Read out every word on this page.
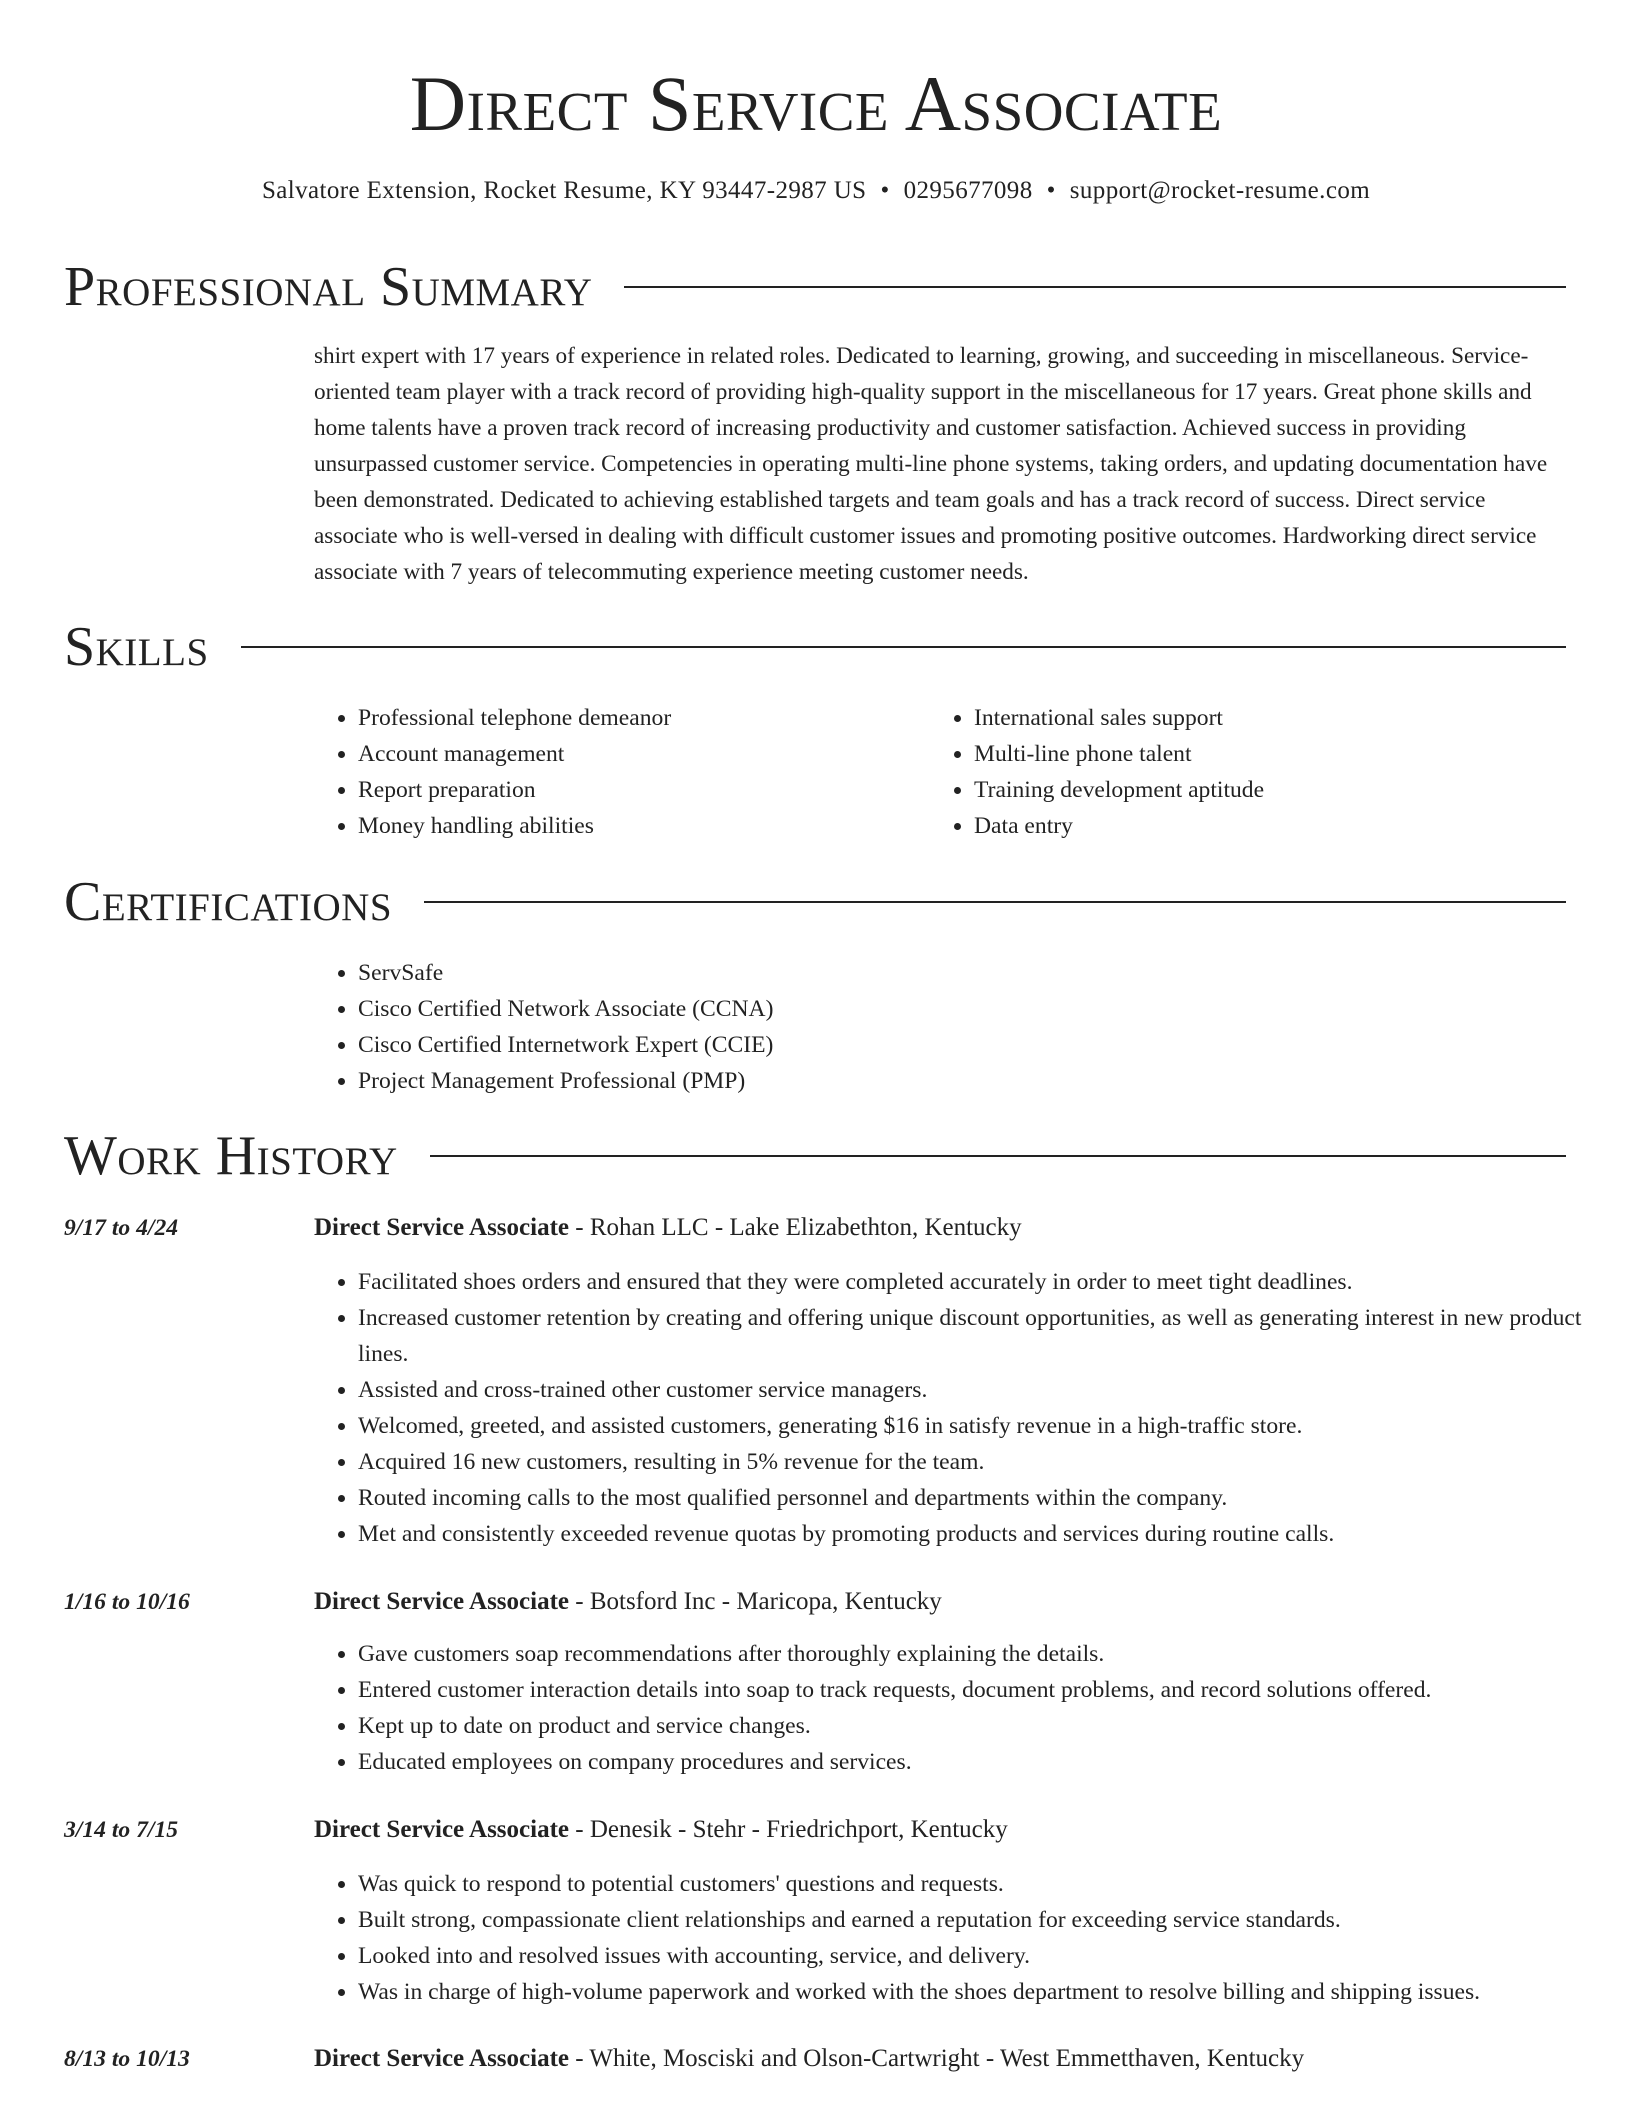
Direct Service Associate
Salvatore Extension, Rocket Resume, KY 93447-2987 US • 0295677098 • support@rocket-resume.com
Professional Summary

shirt expert with 17 years of experience in related roles. Dedicated to learning, growing, and succeeding in miscellaneous. Service-oriented team player with a track record of providing high-quality support in the miscellaneous for 17 years. Great phone skills and home talents have a proven track record of increasing productivity and customer satisfaction. Achieved success in providing unsurpassed customer service. Competencies in operating multi-line phone systems, taking orders, and updating documentation have been demonstrated. Dedicated to achieving established targets and team goals and has a track record of success. Direct service associate who is well-versed in dealing with difficult customer issues and promoting positive outcomes. Hardworking direct service associate with 7 years of telecommuting experience meeting customer needs.

Skills
• Professional telephone demeanor
• Account management
• Report preparation
• Money handling abilities
• International sales support
• Multi-line phone talent
• Training development aptitude
• Data entry
Certifications
• ServSafe
• Cisco Certified Network Associate (CCNA)
• Cisco Certified Internetwork Expert (CCIE)
• Project Management Professional (PMP)
Work History
9/17 to 4/24	Direct Service Associate - Rohan LLC - Lake Elizabethton, Kentucky
• Facilitated shoes orders and ensured that they were completed accurately in order to meet tight deadlines.
• Increased customer retention by creating and offering unique discount opportunities, as well as generating interest in new product lines.
• Assisted and cross-trained other customer service managers.
• Welcomed, greeted, and assisted customers, generating $16 in satisfy revenue in a high-traffic store.
• Acquired 16 new customers, resulting in 5% revenue for the team.
• Routed incoming calls to the most qualified personnel and departments within the company.
• Met and consistently exceeded revenue quotas by promoting products and services during routine calls.
1/16 to 10/16	Direct Service Associate - Botsford Inc - Maricopa, Kentucky
• Gave customers soap recommendations after thoroughly explaining the details.
• Entered customer interaction details into soap to track requests, document problems, and record solutions offered.
• Kept up to date on product and service changes.
• Educated employees on company procedures and services.
3/14 to 7/15	Direct Service Associate - Denesik - Stehr - Friedrichport, Kentucky
• Was quick to respond to potential customers' questions and requests.
• Built strong, compassionate client relationships and earned a reputation for exceeding service standards.
• Looked into and resolved issues with accounting, service, and delivery.
• Was in charge of high-volume paperwork and worked with the shoes department to resolve billing and shipping issues.
8/13 to 10/13	Direct Service Associate - White, Mosciski and Olson-Cartwright - West Emmetthaven, Kentucky
